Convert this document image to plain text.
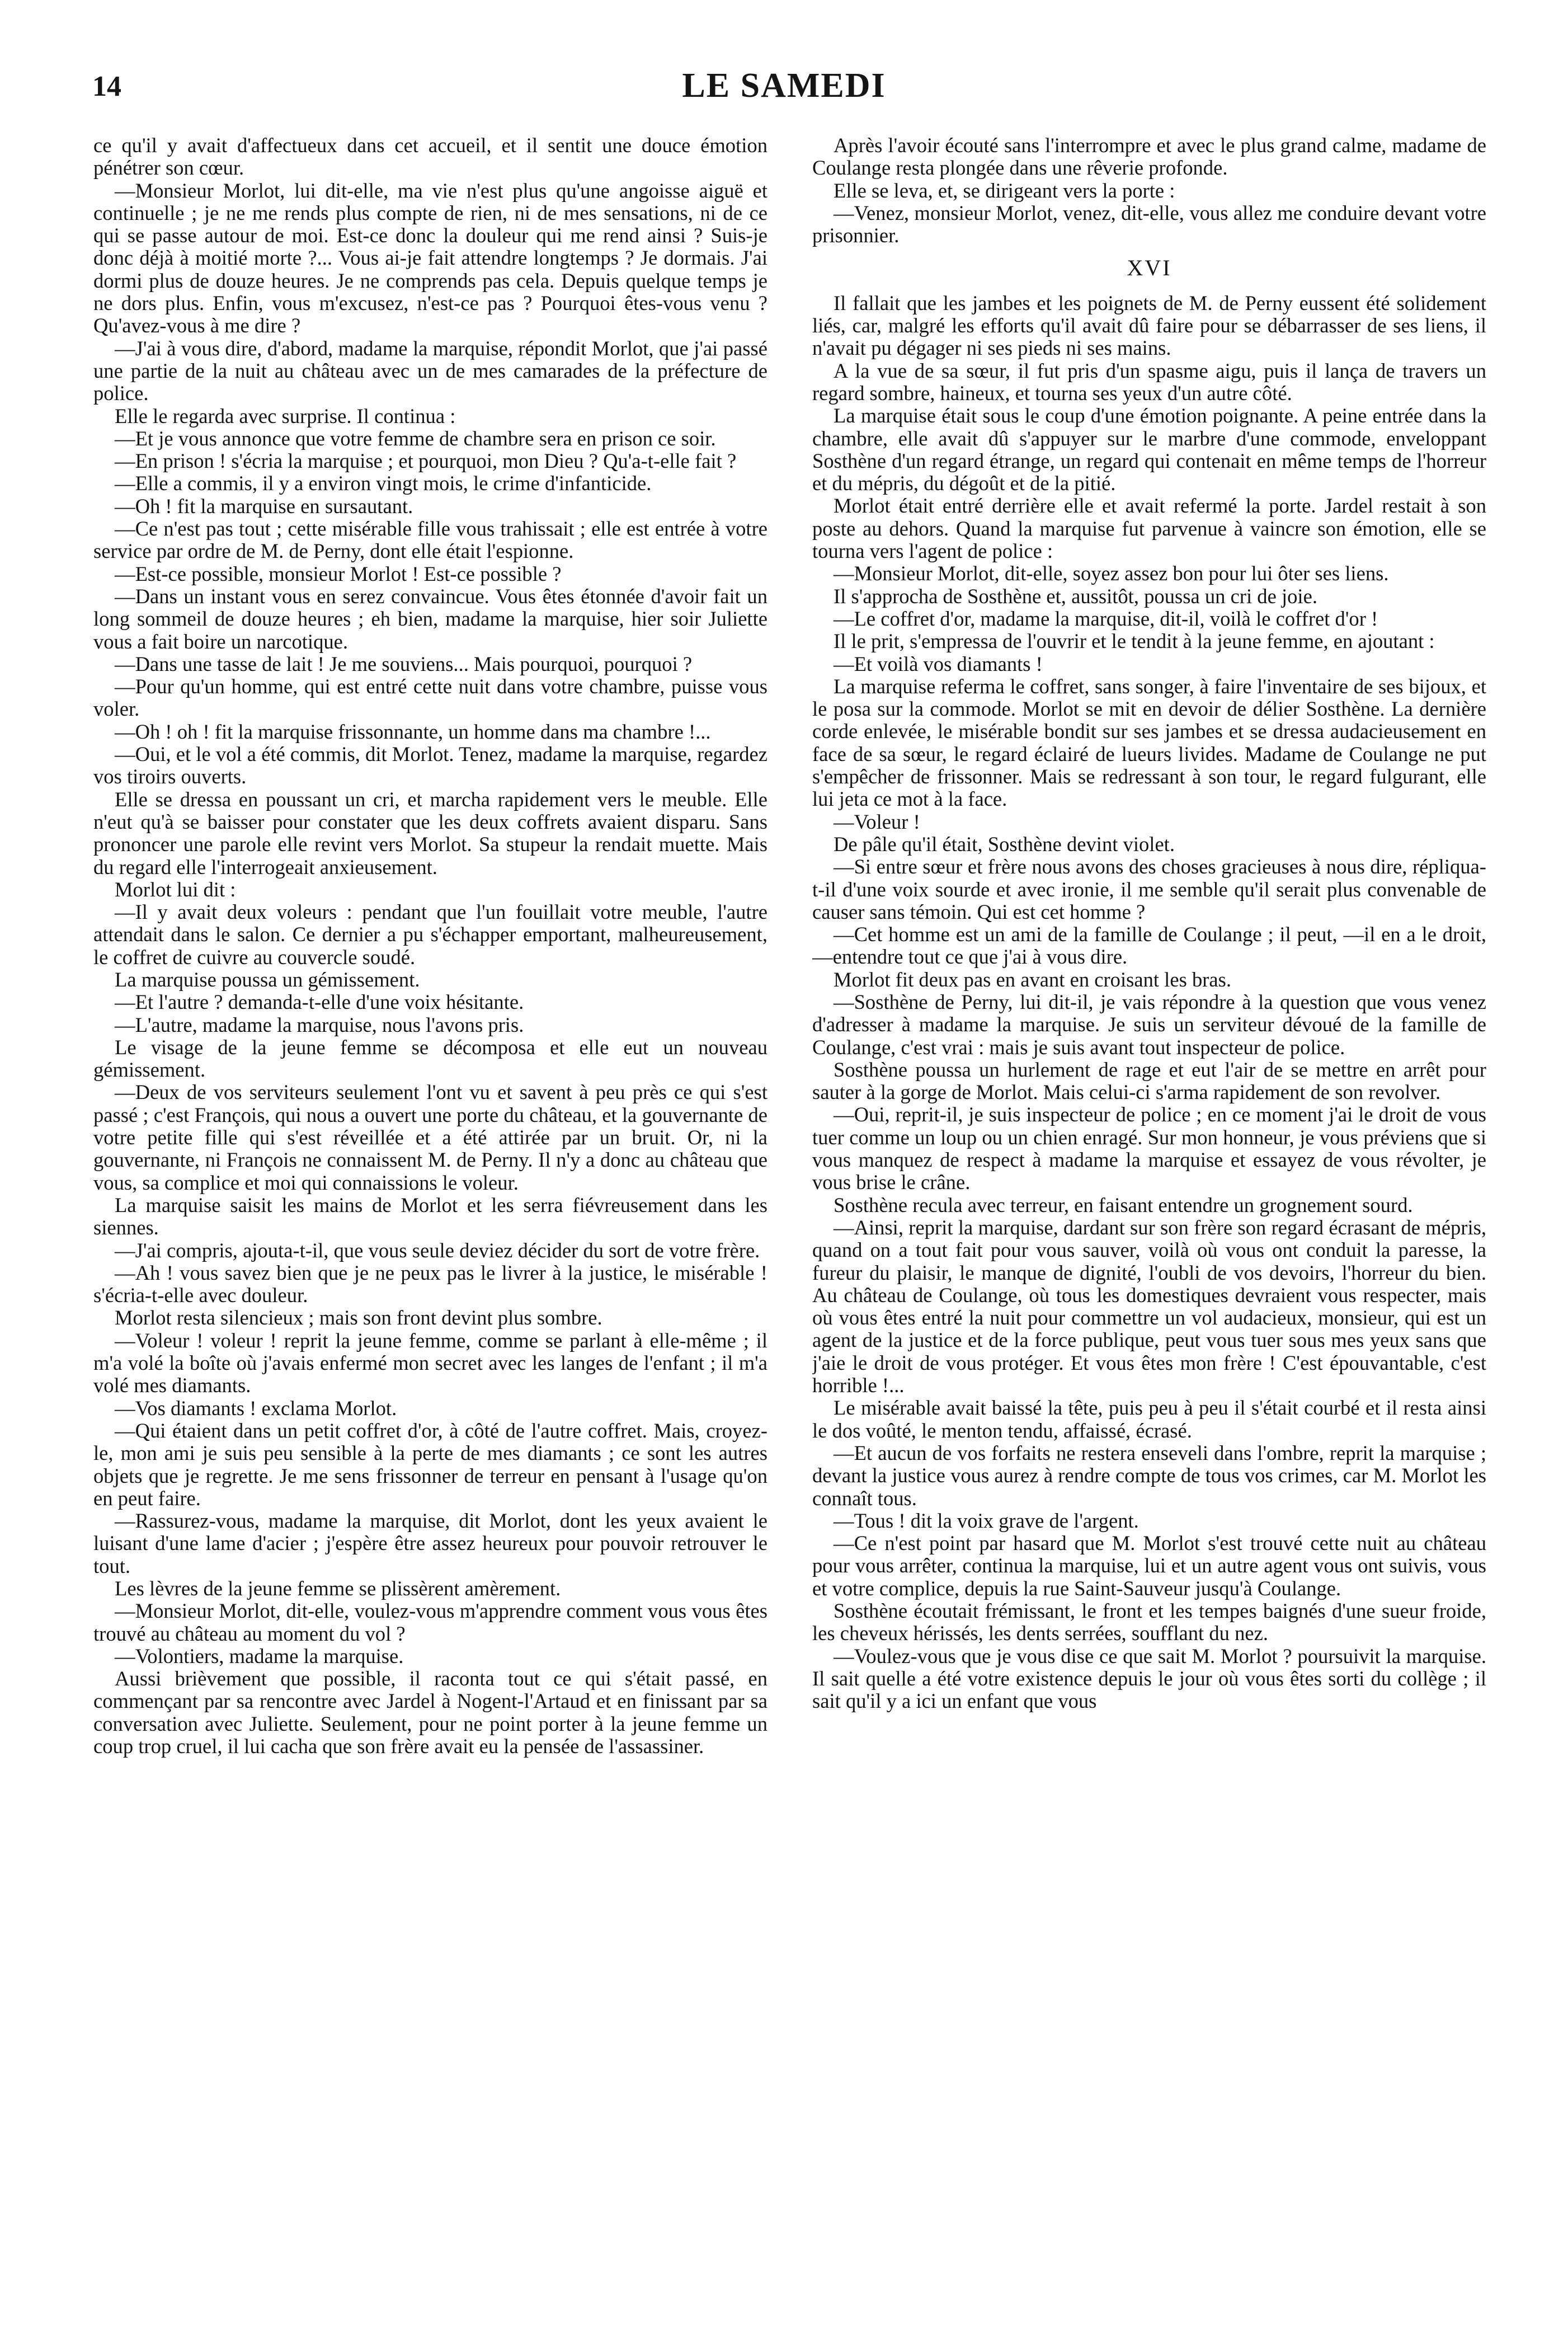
14	LE SAMEDI

ce qu'il y avait d'affectueux dans cet accueil, et il sentit une douce émotion pénétrer son cœur.

—Monsieur Morlot, lui dit-elle, ma vie n'est plus qu'une angoisse aiguë et continuelle ; je ne me rends plus compte de rien, ni de mes sensations, ni de ce qui se passe autour de moi. Est-ce donc la douleur qui me rend ainsi ? Suis-je donc déjà à moitié morte ?... Vous ai-je fait attendre longtemps ? Je dormais. J'ai dormi plus de douze heures. Je ne comprends pas cela. Depuis quelque temps je ne dors plus. Enfin, vous m'excusez, n'est-ce pas ? Pourquoi êtes-vous venu ? Qu'avez-vous à me dire ?

—J'ai à vous dire, d'abord, madame la marquise, répondit Morlot, que j'ai passé une partie de la nuit au château avec un de mes camarades de la préfecture de police.

Elle le regarda avec surprise. Il continua :

—Et je vous annonce que votre femme de chambre sera en prison ce soir.

—En prison ! s'écria la marquise ; et pourquoi, mon Dieu ? Qu'a-t-elle fait ?

—Elle a commis, il y a environ vingt mois, le crime d'infanticide.

—Oh ! fit la marquise en sursautant.

—Ce n'est pas tout ; cette misérable fille vous trahissait ; elle est entrée à votre service par ordre de M. de Perny, dont elle était l'espionne.

—Est-ce possible, monsieur Morlot ! Est-ce possible ?

—Dans un instant vous en serez convaincue. Vous êtes étonnée d'avoir fait un long sommeil de douze heures ; eh bien, madame la marquise, hier soir Juliette vous a fait boire un narcotique.

—Dans une tasse de lait ! Je me souviens... Mais pourquoi, pourquoi ?

—Pour qu'un homme, qui est entré cette nuit dans votre chambre, puisse vous voler.

—Oh ! oh ! fit la marquise frissonnante, un homme dans ma chambre !...

—Oui, et le vol a été commis, dit Morlot. Tenez, madame la marquise, regardez vos tiroirs ouverts.

Elle se dressa en poussant un cri, et marcha rapidement vers le meuble. Elle n'eut qu'à se baisser pour constater que les deux coffrets avaient disparu. Sans prononcer une parole elle revint vers Morlot. Sa stupeur la rendait muette. Mais du regard elle l'interrogeait anxieusement.

Morlot lui dit :

—Il y avait deux voleurs : pendant que l'un fouillait votre meuble, l'autre attendait dans le salon. Ce dernier a pu s'échapper emportant, malheureusement, le coffret de cuivre au couvercle soudé.

La marquise poussa un gémissement.

—Et l'autre ? demanda-t-elle d'une voix hésitante.

—L'autre, madame la marquise, nous l'avons pris.

Le visage de la jeune femme se décomposa et elle eut un nouveau gémissement.

—Deux de vos serviteurs seulement l'ont vu et savent à peu près ce qui s'est passé ; c'est François, qui nous a ouvert une porte du château, et la gouvernante de votre petite fille qui s'est réveillée et a été attirée par un bruit. Or, ni la gouvernante, ni François ne connaissent M. de Perny. Il n'y a donc au château que vous, sa complice et moi qui connaissions le voleur.

La marquise saisit les mains de Morlot et les serra fiévreusement dans les siennes.

—J'ai compris, ajouta-t-il, que vous seule deviez décider du sort de votre frère.

—Ah ! vous savez bien que je ne peux pas le livrer à la justice, le misérable ! s'écria-t-elle avec douleur.

Morlot resta silencieux ; mais son front devint plus sombre.

—Voleur ! voleur ! reprit la jeune femme, comme se parlant à elle-même ; il m'a volé la boîte où j'avais enfermé mon secret avec les langes de l'enfant ; il m'a volé mes diamants.

—Vos diamants ! exclama Morlot.

—Qui étaient dans un petit coffret d'or, à côté de l'autre coffret. Mais, croyez-le, mon ami je suis peu sensible à la perte de mes diamants ; ce sont les autres objets que je regrette. Je me sens frissonner de terreur en pensant à l'usage qu'on en peut faire.

—Rassurez-vous, madame la marquise, dit Morlot, dont les yeux avaient le luisant d'une lame d'acier ; j'espère être assez heureux pour pouvoir retrouver le tout.

Les lèvres de la jeune femme se plissèrent amèrement.

—Monsieur Morlot, dit-elle, voulez-vous m'apprendre comment vous vous êtes trouvé au château au moment du vol ?

—Volontiers, madame la marquise.

Aussi brièvement que possible, il raconta tout ce qui s'était passé, en commençant par sa rencontre avec Jardel à Nogent-l'Artaud et en finissant par sa conversation avec Juliette. Seulement, pour ne point porter à la jeune femme un coup trop cruel, il lui cacha que son frère avait eu la pensée de l'assassiner.

Après l'avoir écouté sans l'interrompre et avec le plus grand calme, madame de Coulange resta plongée dans une rêverie profonde.

Elle se leva, et, se dirigeant vers la porte :

—Venez, monsieur Morlot, venez, dit-elle, vous allez me conduire devant votre prisonnier.

XVI

Il fallait que les jambes et les poignets de M. de Perny eussent été solidement liés, car, malgré les efforts qu'il avait dû faire pour se débarrasser de ses liens, il n'avait pu dégager ni ses pieds ni ses mains.

A la vue de sa sœur, il fut pris d'un spasme aigu, puis il lança de travers un regard sombre, haineux, et tourna ses yeux d'un autre côté.

La marquise était sous le coup d'une émotion poignante. A peine entrée dans la chambre, elle avait dû s'appuyer sur le marbre d'une commode, enveloppant Sosthène d'un regard étrange, un regard qui contenait en même temps de l'horreur et du mépris, du dégoût et de la pitié.

Morlot était entré derrière elle et avait refermé la porte. Jardel restait à son poste au dehors. Quand la marquise fut parvenue à vaincre son émotion, elle se tourna vers l'agent de police :

—Monsieur Morlot, dit-elle, soyez assez bon pour lui ôter ses liens.

Il s'approcha de Sosthène et, aussitôt, poussa un cri de joie.

—Le coffret d'or, madame la marquise, dit-il, voilà le coffret d'or !

Il le prit, s'empressa de l'ouvrir et le tendit à la jeune femme, en ajoutant :

—Et voilà vos diamants !

La marquise referma le coffret, sans songer, à faire l'inventaire de ses bijoux, et le posa sur la commode. Morlot se mit en devoir de délier Sosthène. La dernière corde enlevée, le misérable bondit sur ses jambes et se dressa audacieusement en face de sa sœur, le regard éclairé de lueurs livides. Madame de Coulange ne put s'empêcher de frissonner. Mais se redressant à son tour, le regard fulgurant, elle lui jeta ce mot à la face.

—Voleur !

De pâle qu'il était, Sosthène devint violet.

—Si entre sœur et frère nous avons des choses gracieuses à nous dire, répliqua-t-il d'une voix sourde et avec ironie, il me semble qu'il serait plus convenable de causer sans témoin. Qui est cet homme ?

—Cet homme est un ami de la famille de Coulange ; il peut, —il en a le droit,—entendre tout ce que j'ai à vous dire.

Morlot fit deux pas en avant en croisant les bras.

—Sosthène de Perny, lui dit-il, je vais répondre à la question que vous venez d'adresser à madame la marquise. Je suis un serviteur dévoué de la famille de Coulange, c'est vrai : mais je suis avant tout inspecteur de police.

Sosthène poussa un hurlement de rage et eut l'air de se mettre en arrêt pour sauter à la gorge de Morlot. Mais celui-ci s'arma rapidement de son revolver.

—Oui, reprit-il, je suis inspecteur de police ; en ce moment j'ai le droit de vous tuer comme un loup ou un chien enragé. Sur mon honneur, je vous préviens que si vous manquez de respect à madame la marquise et essayez de vous révolter, je vous brise le crâne.

Sosthène recula avec terreur, en faisant entendre un grognement sourd.

—Ainsi, reprit la marquise, dardant sur son frère son regard écrasant de mépris, quand on a tout fait pour vous sauver, voilà où vous ont conduit la paresse, la fureur du plaisir, le manque de dignité, l'oubli de vos devoirs, l'horreur du bien. Au château de Coulange, où tous les domestiques devraient vous respecter, mais où vous êtes entré la nuit pour commettre un vol audacieux, monsieur, qui est un agent de la justice et de la force publique, peut vous tuer sous mes yeux sans que j'aie le droit de vous protéger. Et vous êtes mon frère ! C'est épouvantable, c'est horrible !...

Le misérable avait baissé la tête, puis peu à peu il s'était courbé et il resta ainsi le dos voûté, le menton tendu, affaissé, écrasé.

—Et aucun de vos forfaits ne restera enseveli dans l'ombre, reprit la marquise ; devant la justice vous aurez à rendre compte de tous vos crimes, car M. Morlot les connaît tous.

—Tous ! dit la voix grave de l'argent.

—Ce n'est point par hasard que M. Morlot s'est trouvé cette nuit au château pour vous arrêter, continua la marquise, lui et un autre agent vous ont suivis, vous et votre complice, depuis la rue Saint-Sauveur jusqu'à Coulange.

Sosthène écoutait frémissant, le front et les tempes baignés d'une sueur froide, les cheveux hérissés, les dents serrées, soufflant du nez.

—Voulez-vous que je vous dise ce que sait M. Morlot ? poursuivit la marquise. Il sait quelle a été votre existence depuis le jour où vous êtes sorti du collège ; il sait qu'il y a ici un enfant que vous
